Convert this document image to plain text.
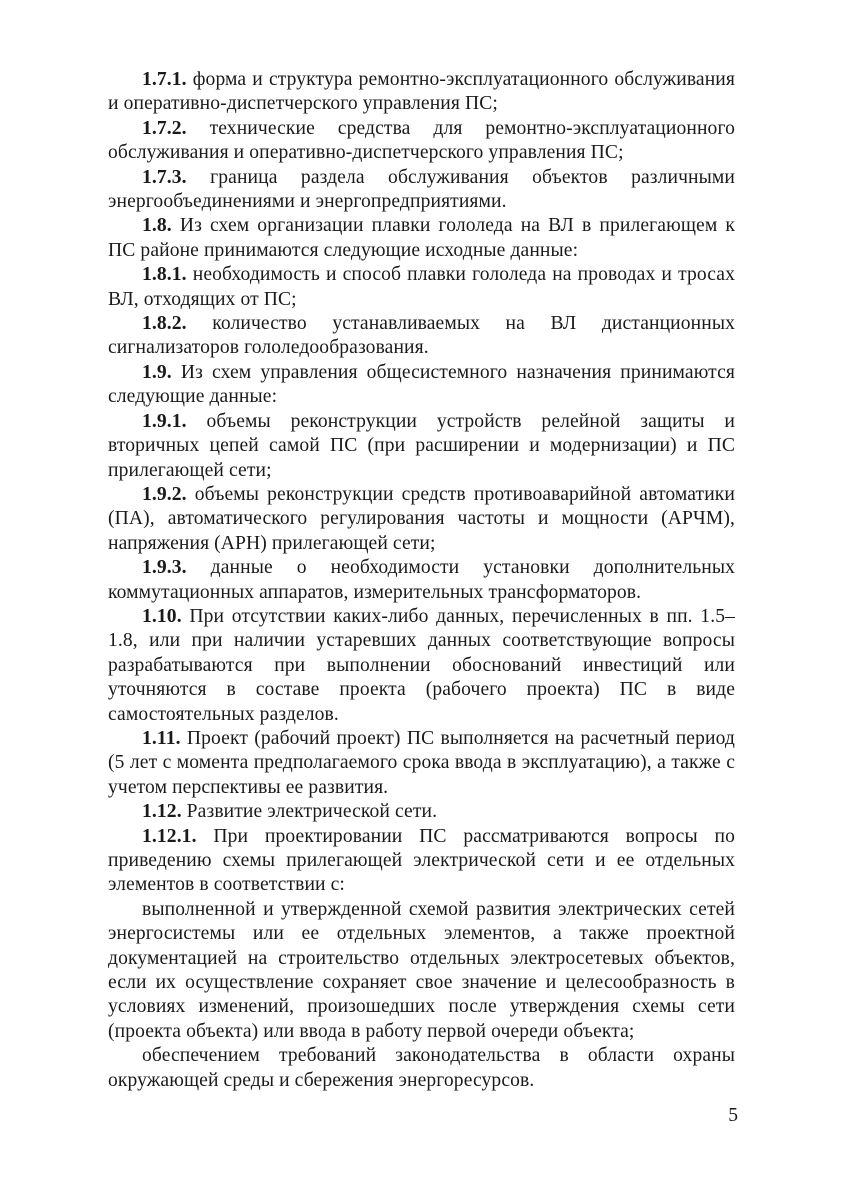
1.7.1. форма и структура ремонтно-эксплуатационного обслуживания и оперативно-диспетчерского управления ПС;

1.7.2. технические средства для ремонтно-эксплуатационного обслуживания и оперативно-диспетчерского управления ПС;

1.7.3. граница раздела обслуживания объектов различными энергообъединениями и энергопредприятиями.

1.8. Из схем организации плавки гололеда на ВЛ в прилегающем к ПС районе принимаются следующие исходные данные:

1.8.1. необходимость и способ плавки гололеда на проводах и тросах ВЛ, отходящих от ПС;

1.8.2. количество устанавливаемых на ВЛ дистанционных сигнализаторов гололедообразования.

1.9. Из схем управления общесистемного назначения принимаются следующие данные:

1.9.1. объемы реконструкции устройств релейной защиты и вторичных цепей самой ПС (при расширении и модернизации) и ПС прилегающей сети;

1.9.2. объемы реконструкции средств противоаварийной автоматики (ПА), автоматического регулирования частоты и мощности (АРЧМ), напряжения (АРН) прилегающей сети;

1.9.3. данные о необходимости установки дополнительных коммутационных аппаратов, измерительных трансформаторов.

1.10. При отсутствии каких-либо данных, перечисленных в пп. 1.5–1.8, или при наличии устаревших данных соответствующие вопросы разрабатываются при выполнении обоснований инвестиций или уточняются в составе проекта (рабочего проекта) ПС в виде самостоятельных разделов.

1.11. Проект (рабочий проект) ПС выполняется на расчетный период (5 лет с момента предполагаемого срока ввода в эксплуатацию), а также с учетом перспективы ее развития.

1.12. Развитие электрической сети.

1.12.1. При проектировании ПС рассматриваются вопросы по приведению схемы прилегающей электрической сети и ее отдельных элементов в соответствии с:

выполненной и утвержденной схемой развития электрических сетей энергосистемы или ее отдельных элементов, а также проектной документацией на строительство отдельных электросетевых объектов, если их осуществление сохраняет свое значение и целесообразность в условиях изменений, произошедших после утверждения схемы сети (проекта объекта) или ввода в работу первой очереди объекта;

обеспечением требований законодательства в области охраны окружающей среды и сбережения энергоресурсов.

5
